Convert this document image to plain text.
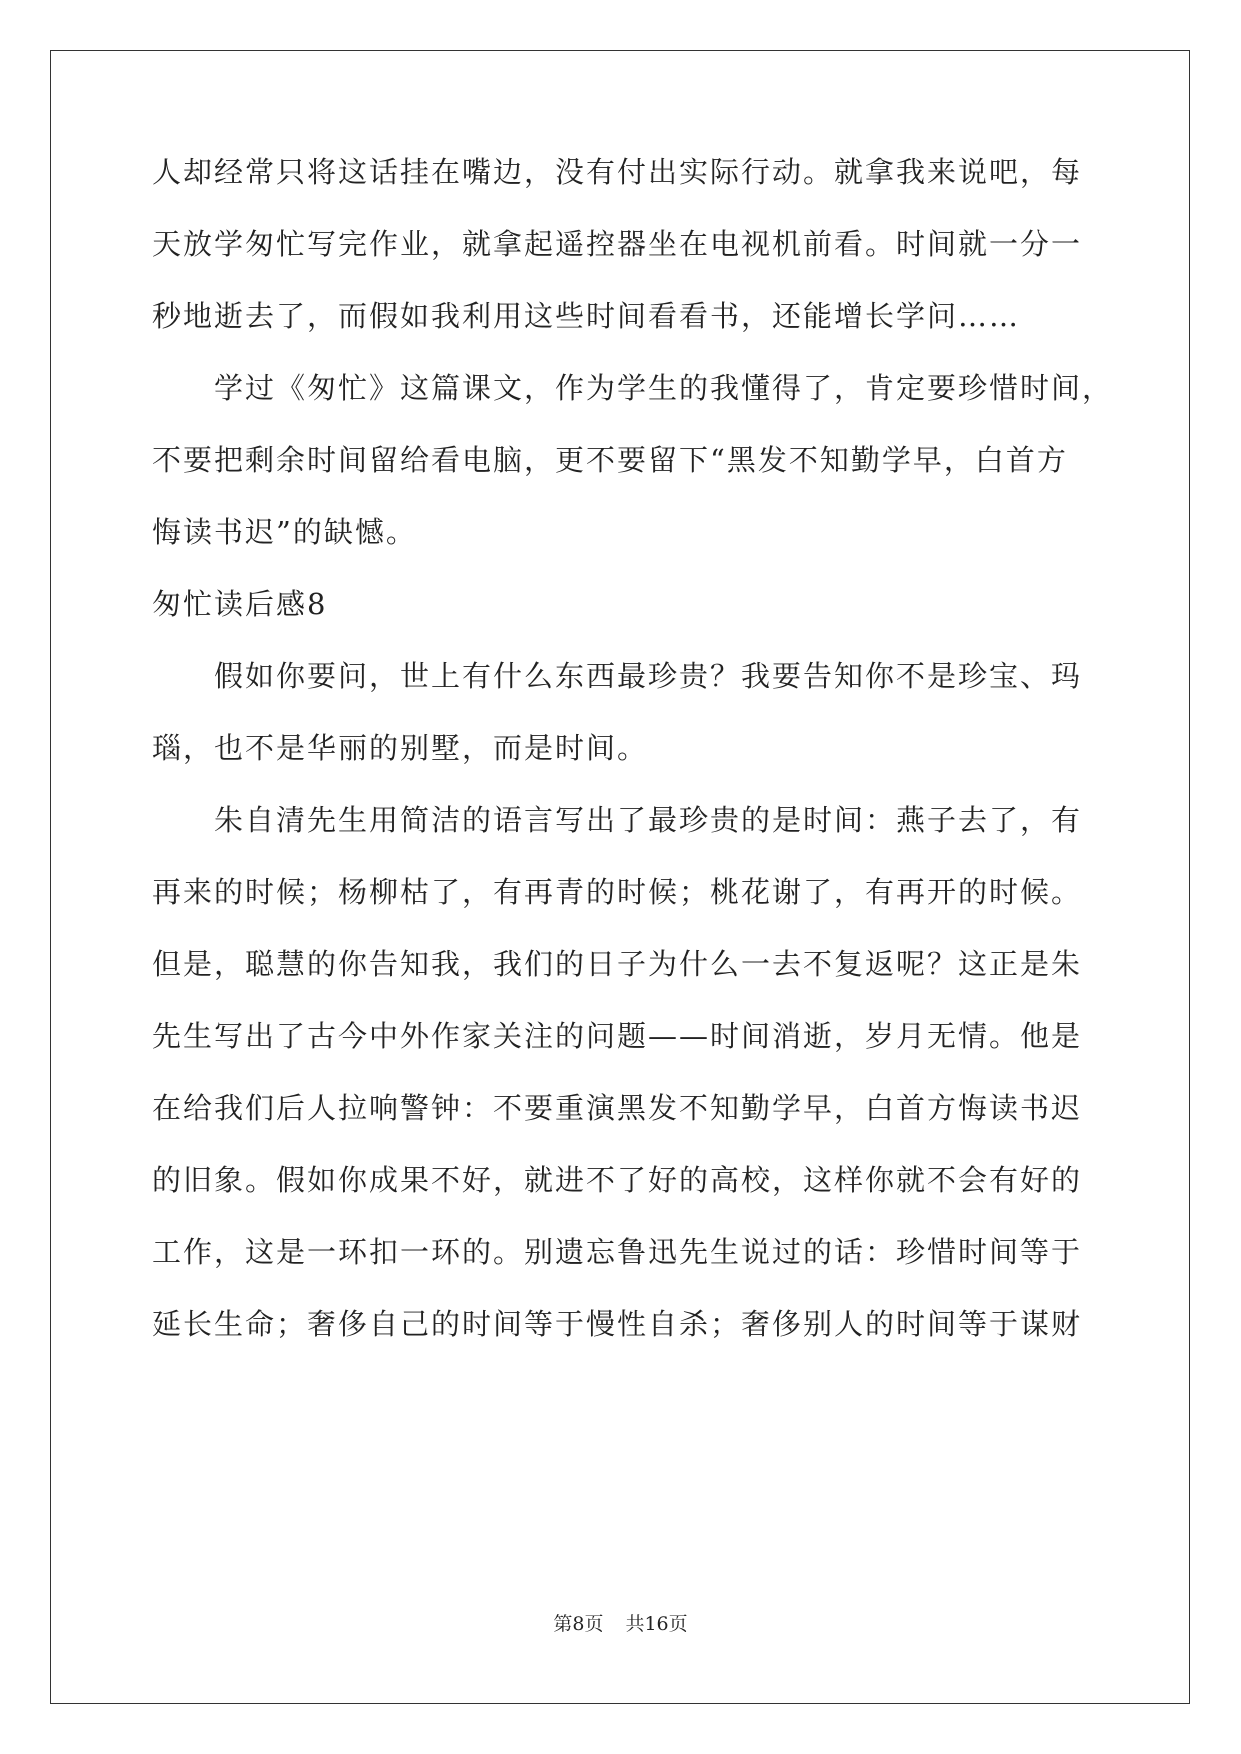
人却经常只将这话挂在嘴边，没有付出实际行动。就拿我来说吧，每
天放学匆忙写完作业，就拿起遥控器坐在电视机前看。时间就一分一
秒地逝去了，而假如我利用这些时间看看书，还能增长学问……
　　学过《匆忙》这篇课文，作为学生的我懂得了，肯定要珍惜时间，
不要把剩余时间留给看电脑，更不要留下“黑发不知勤学早，白首方
悔读书迟”的缺憾。
匆忙读后感8
　　假如你要问，世上有什么东西最珍贵？我要告知你不是珍宝、玛
瑙，也不是华丽的别墅，而是时间。
　　朱自清先生用简洁的语言写出了最珍贵的是时间：燕子去了，有
再来的时候；杨柳枯了，有再青的时候；桃花谢了，有再开的时候。
但是，聪慧的你告知我，我们的日子为什么一去不复返呢？这正是朱
先生写出了古今中外作家关注的问题——时间消逝，岁月无情。他是
在给我们后人拉响警钟：不要重演黑发不知勤学早，白首方悔读书迟
的旧象。假如你成果不好，就进不了好的高校，这样你就不会有好的
工作，这是一环扣一环的。别遗忘鲁迅先生说过的话：珍惜时间等于
延长生命；奢侈自己的时间等于慢性自杀；奢侈别人的时间等于谋财
第8页 共16页
